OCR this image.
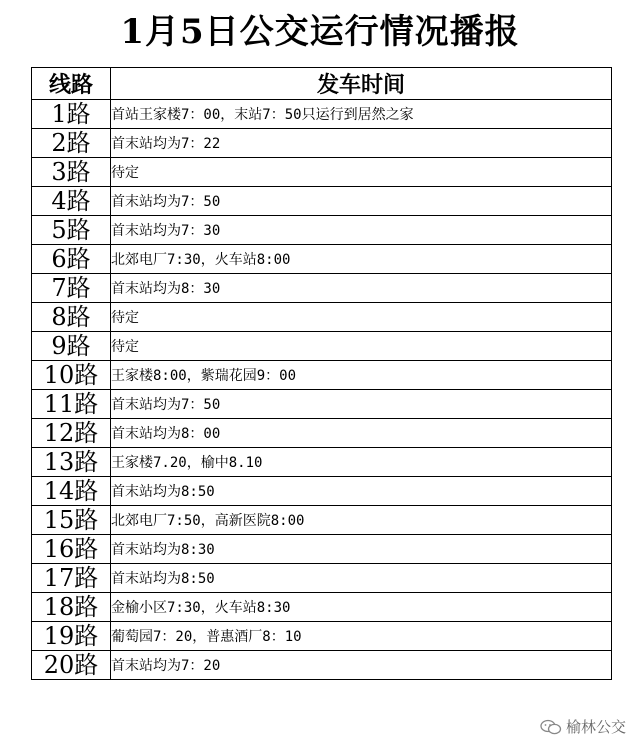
1月5日公交运行情况播报
线路	发车时间
1路	首站王家楼7：00，末站7：50只运行到居然之家
2路	首末站均为7：22
3路	待定
4路	首末站均为7：50
5路	首末站均为7：30
6路	北郊电厂7:30，火车站8:00
7路	首末站均为8：30
8路	待定
9路	待定
10路	王家楼8:00，紫瑞花园9：00
11路	首末站均为7：50
12路	首末站均为8：00
13路	王家楼7.20，榆中8.10
14路	首末站均为8:50
15路	北郊电厂7:50，高新医院8:00
16路	首末站均为8:30
17路	首末站均为8:50
18路	金榆小区7:30，火车站8:30
19路	葡萄园7：20，普惠酒厂8：10
20路	首末站均为7：20
榆林公交
